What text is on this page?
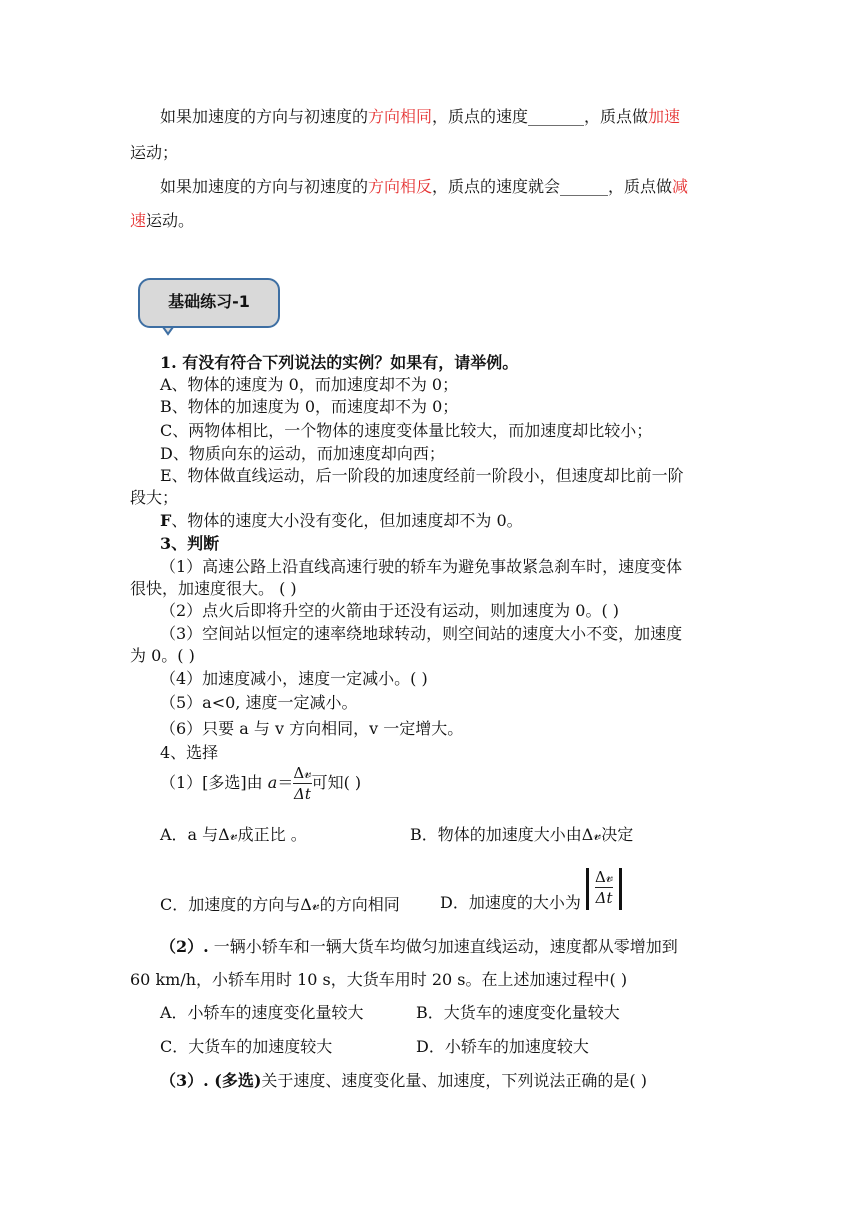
如果加速度的方向与初速度的方向相同，质点的速度_______，质点做加速
运动；
如果加速度的方向与初速度的方向相反，质点的速度就会______，质点做减
速运动。
基础练习-1
1. 有没有符合下列说法的实例？如果有，请举例。
A、物体的速度为 0，而加速度却不为 0；
B、物体的加速度为 0，而速度却不为 0；
C、两物体相比，一个物体的速度变体量比较大，而加速度却比较小；
D、物质向东的运动，而加速度却向西；
E、物体做直线运动，后一阶段的加速度经前一阶段小，但速度却比前一阶
段大；
F、物体的速度大小没有变化，但加速度却不为 0。
3、判断
（1）高速公路上沿直线高速行驶的轿车为避免事故紧急刹车时，速度变体
很快，加速度很大。 ( )
（2）点火后即将升空的火箭由于还没有运动，则加速度为 0。( )
（3）空间站以恒定的速率绕地球转动，则空间站的速度大小不变，加速度
为 0。( )
（4）加速度减小，速度一定减小。( )
（5）a<0, 速度一定减小。
（6）只要 a 与 v 方向相同，v 一定增大。
4、选择
（1）[多选]由 $a= \frac{\text{Δ𝓋}}{\Delta t}$ 可知( )
A．a 与Δ𝓋成正比 。	B．物体的加速度大小由Δ𝓋决定
C．加速度的方向与Δ𝓋的方向相同	D．加速度的大小为 $\frac{\text{Δ𝓋}}{\Delta t}$
（2）. 一辆小轿车和一辆大货车均做匀加速直线运动，速度都从零增加到
60 km/h，小轿车用时 10 s，大货车用时 20 s。在上述加速过程中( )
A．小轿车的速度变化量较大	B．大货车的速度变化量较大
C．大货车的加速度较大	D．小轿车的加速度较大
（3）. (多选)关于速度、速度变化量、加速度，下列说法正确的是( )
